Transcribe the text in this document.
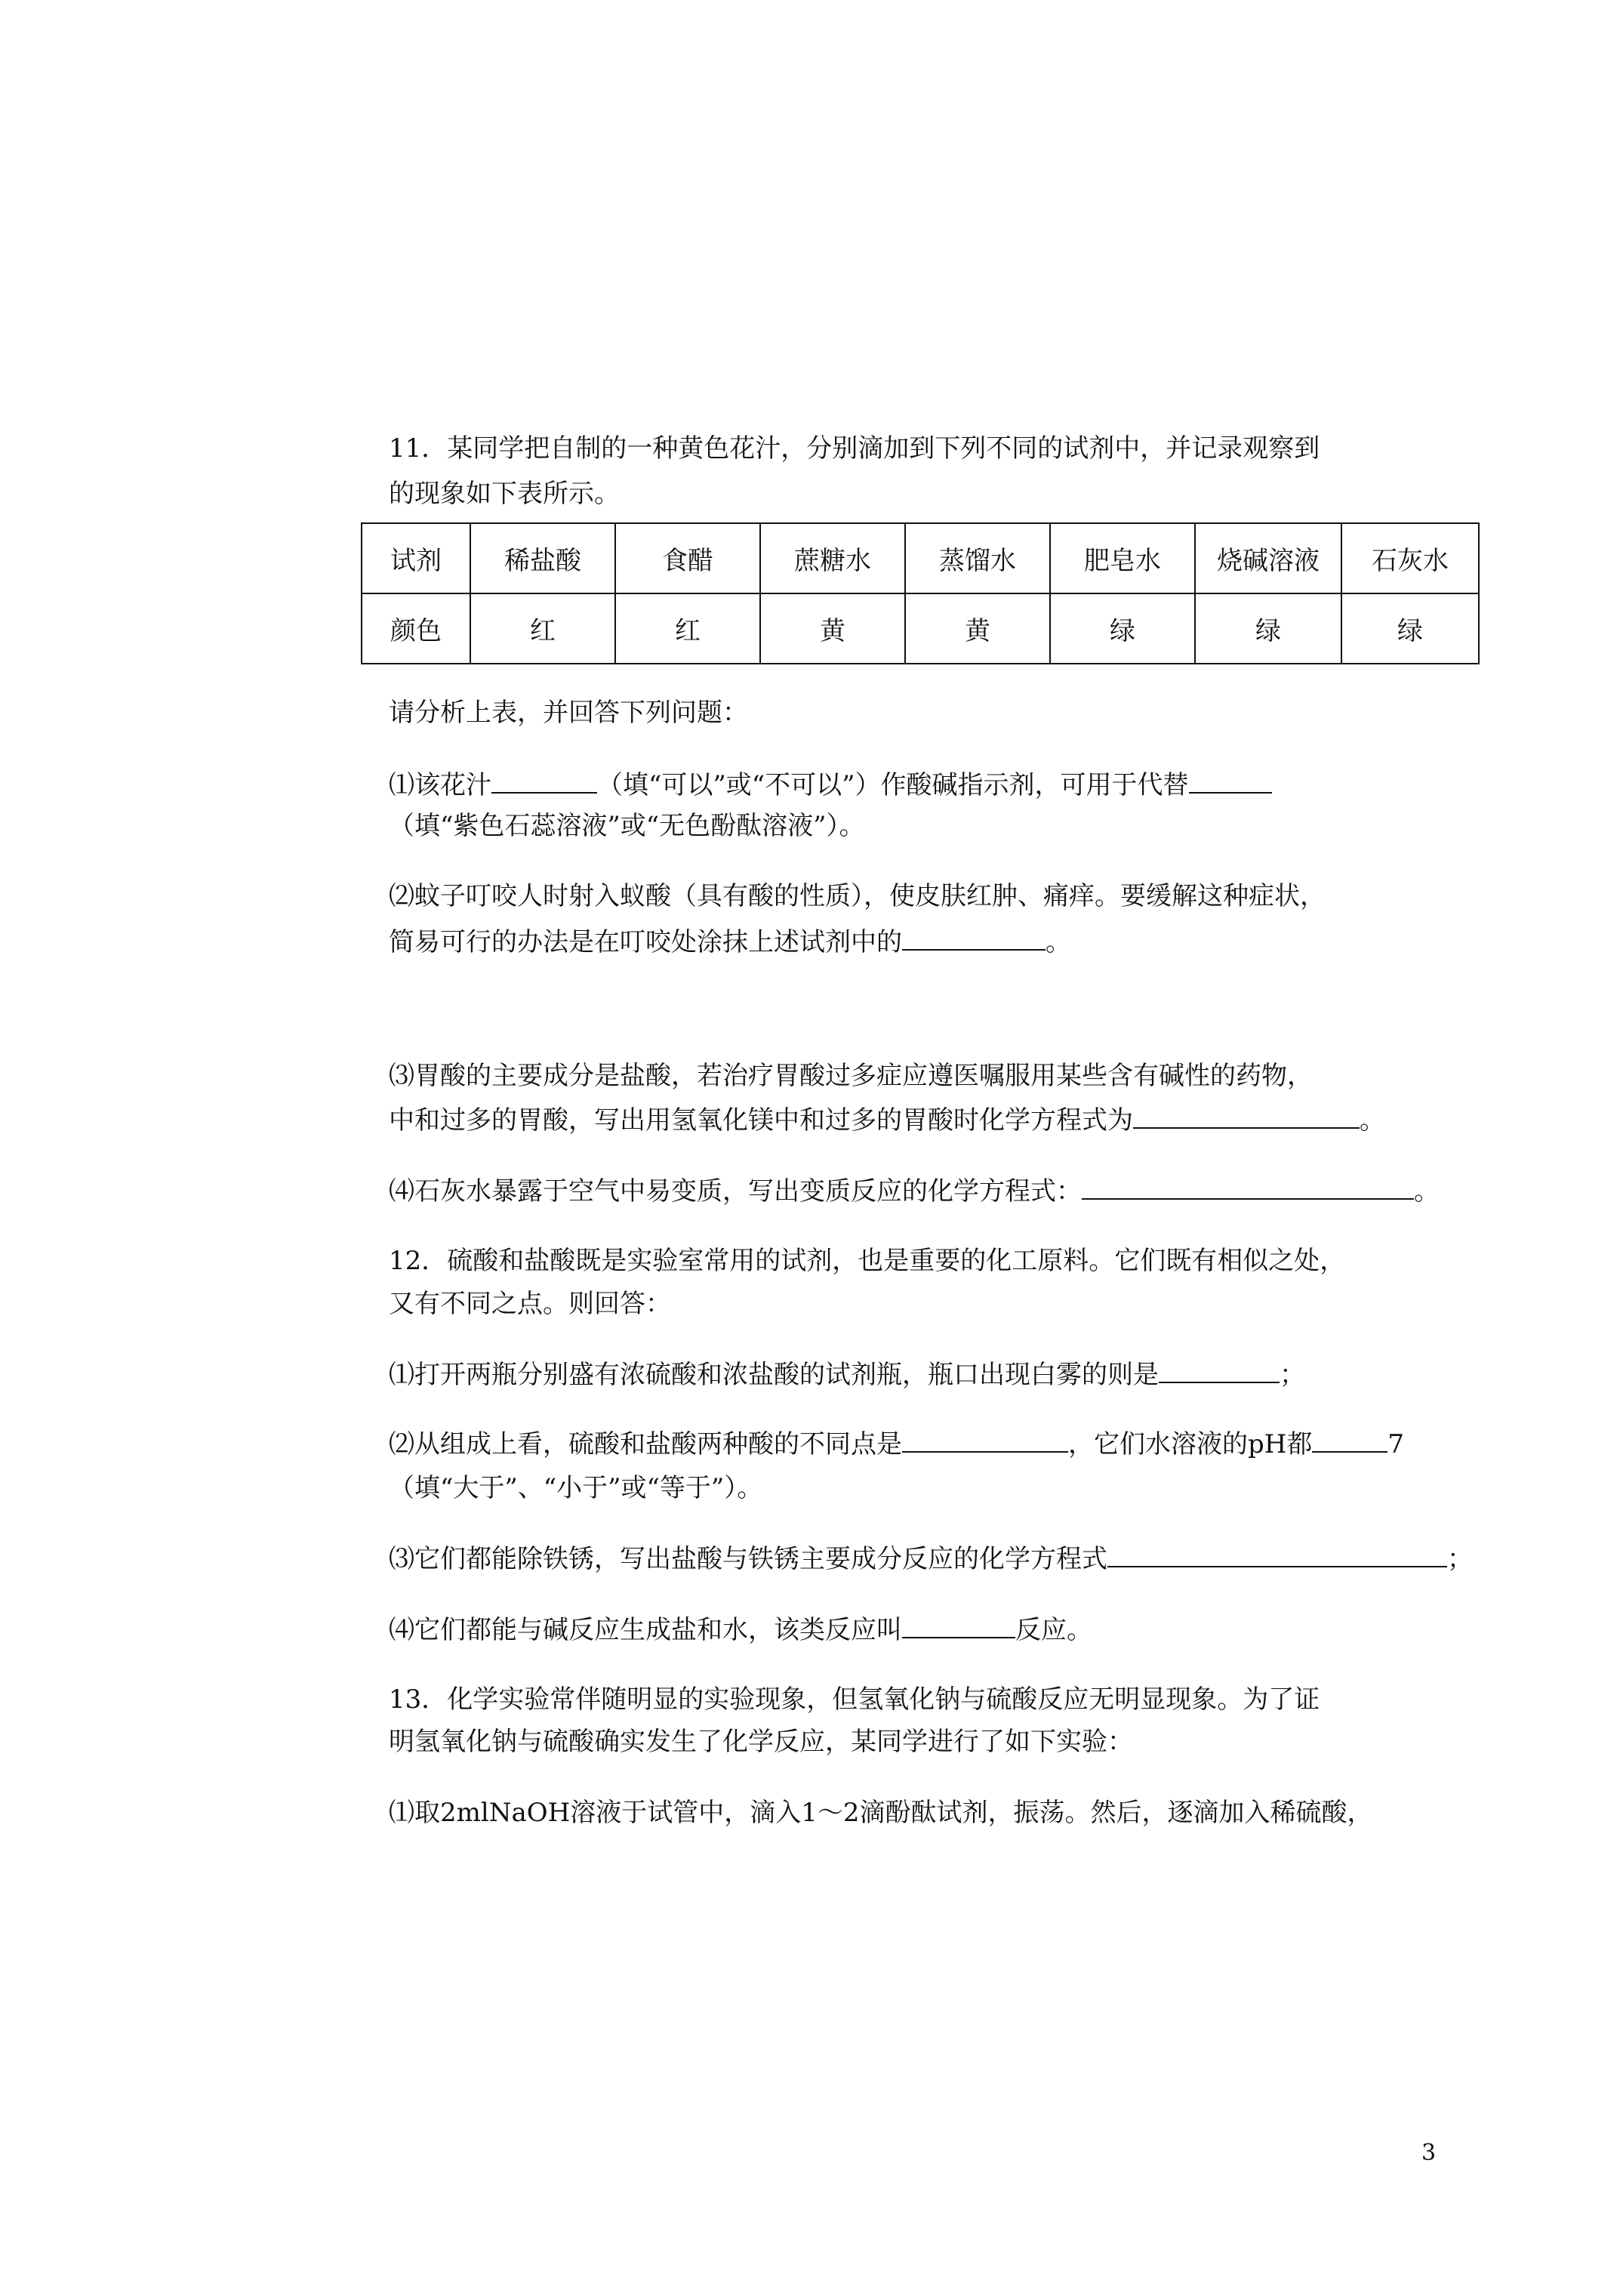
11．某同学把自制的一种黄色花汁，分别滴加到下列不同的试剂中，并记录观察到
的现象如下表所示。
试剂	稀盐酸	食醋	蔗糖水	蒸馏水	肥皂水	烧碱溶液	石灰水
颜色	红	红	黄	黄	绿	绿	绿
请分析上表，并回答下列问题：
⑴该花汁	（填“可以”或“不可以”）作酸碱指示剂，可用于代替
（填“紫色石蕊溶液”或“无色酚酞溶液”）。
⑵蚊子叮咬人时射入蚁酸（具有酸的性质），使皮肤红肿、痛痒。要缓解这种症状，
简易可行的办法是在叮咬处涂抹上述试剂中的	。
⑶胃酸的主要成分是盐酸，若治疗胃酸过多症应遵医嘱服用某些含有碱性的药物，
中和过多的胃酸，写出用氢氧化镁中和过多的胃酸时化学方程式为	。
⑷石灰水暴露于空气中易变质，写出变质反应的化学方程式：	。
12．硫酸和盐酸既是实验室常用的试剂，也是重要的化工原料。它们既有相似之处，
又有不同之点。则回答：
⑴打开两瓶分别盛有浓硫酸和浓盐酸的试剂瓶，瓶口出现白雾的则是	；
⑵从组成上看，硫酸和盐酸两种酸的不同点是	，它们水溶液的pH都	7
（填“大于”、“小于”或“等于”）。
⑶它们都能除铁锈，写出盐酸与铁锈主要成分反应的化学方程式	；
⑷它们都能与碱反应生成盐和水，该类反应叫	反应。
13．化学实验常伴随明显的实验现象，但氢氧化钠与硫酸反应无明显现象。为了证
明氢氧化钠与硫酸确实发生了化学反应，某同学进行了如下实验：
⑴取2mlNaOH溶液于试管中，滴入1～2滴酚酞试剂，振荡。然后，逐滴加入稀硫酸，
3
